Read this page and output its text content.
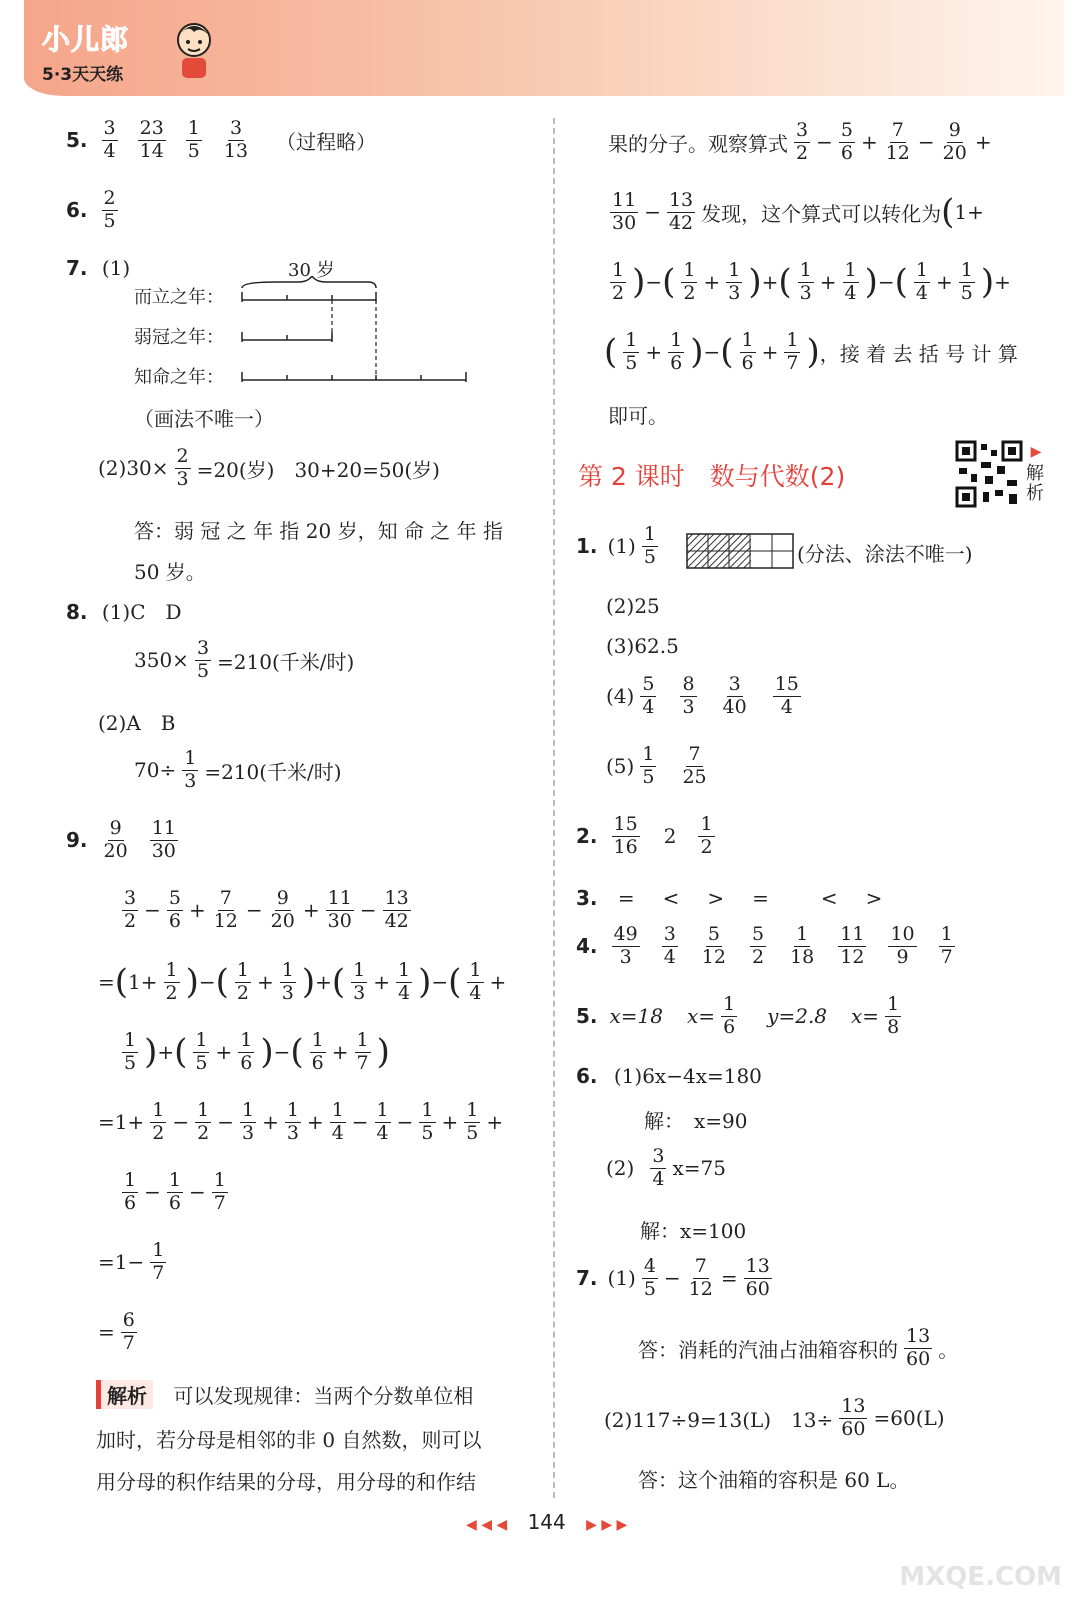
小儿郎
5·3天天练
5. $\frac{3}{4} \frac{23}{14} \frac{1}{5} \frac{3}{13}$ （过程略）
6. $\frac{2}{5}$
7. (1)	30 岁
而立之年：
弱冠之年：
知命之年：
（画法不唯一）
$(2)30\times \frac{2}{3} =20$(岁)　30+20=50(岁)
答：弱 冠 之 年 指 20 岁，知 命 之 年 指
50 岁。
8. (1)C　D
$350\times \frac{3}{5} =210$(千米/时)
(2)A　B
$70\div \frac{1}{3} =210$(千米/时)
9. $\frac{9}{20} \frac{11}{30}$
$\frac{3}{2} - \frac{5}{6} + \frac{7}{12} - \frac{9}{20} + \frac{11}{30} - \frac{13}{42}$
= ( $1+ \frac{1}{2}$ ) − ( $\frac{1}{2} + \frac{1}{3}$ ) + ( $\frac{1}{3} + \frac{1}{4}$ ) − ( $\frac{1}{4}$ +
$\frac{1}{5}$ ) + ( $\frac{1}{5} + \frac{1}{6}$ ) − ( $\frac{1}{6} + \frac{1}{7}$ )
$=1+ \frac{1}{2} - \frac{1}{2} - \frac{1}{3} + \frac{1}{3} + \frac{1}{4} - \frac{1}{4} - \frac{1}{5} + \frac{1}{5}$ +
$\frac{1}{6} - \frac{1}{6} - \frac{1}{7}$
$=1- \frac{1}{7}$
= $\frac{6}{7}$
解析 可以发现规律：当两个分数单位相
加时，若分母是相邻的非 0 自然数，则可以
用分母的积作结果的分母，用分母的和作结
果的分子。观察算式 $\frac{3}{2} - \frac{5}{6} + \frac{7}{12} - \frac{9}{20}$ +
$\frac{11}{30} - \frac{13}{42}$ 发现，这个算式可以转化为 ( 1+
$\frac{1}{2}$ ) − ( $\frac{1}{2} + \frac{1}{3}$ ) + ( $\frac{1}{3} + \frac{1}{4}$ ) − ( $\frac{1}{4} + \frac{1}{5}$ ) +
( $\frac{1}{5} + \frac{1}{6}$ ) − ( $\frac{1}{6} + \frac{1}{7}$ ) ，接 着 去 括 号 计 算
即可。
第 2 课时　数与代数(2)
▶
解析
1. $(1) \frac{1}{5}$	(分法、涂法不唯一)
(2)25
(3)62.5
$(4) \frac{5}{4} \frac{8}{3} \frac{3}{40} \frac{15}{4}$
$(5) \frac{1}{5} \frac{7}{25}$
2. $\frac{15}{16} 2 \frac{1}{2}$
3. =　<　>　=　　<　>
4. $\frac{49}{3} \frac{3}{4} \frac{5}{12} \frac{5}{2} \frac{1}{18} \frac{11}{12} \frac{10}{9} \frac{1}{7}$
5. x=18 $x= \frac{1}{6} y=2.8$ $x= \frac{1}{8}$
6. (1)6x−4x=180
解：　x=90
$(2) \frac{3}{4} x=75$
解：x=100
7. $(1) \frac{4}{5} - \frac{7}{12} = \frac{13}{60}$
答：消耗的汽油占油箱容积的 $\frac{13}{60}$ 。
(2)117÷9=13(L)　$13\div \frac{13}{60} =60(L)$
答：这个油箱的容积是 60 L。
◀ ◀ ◀ 144 ▶ ▶ ▶
MXQE.COM
